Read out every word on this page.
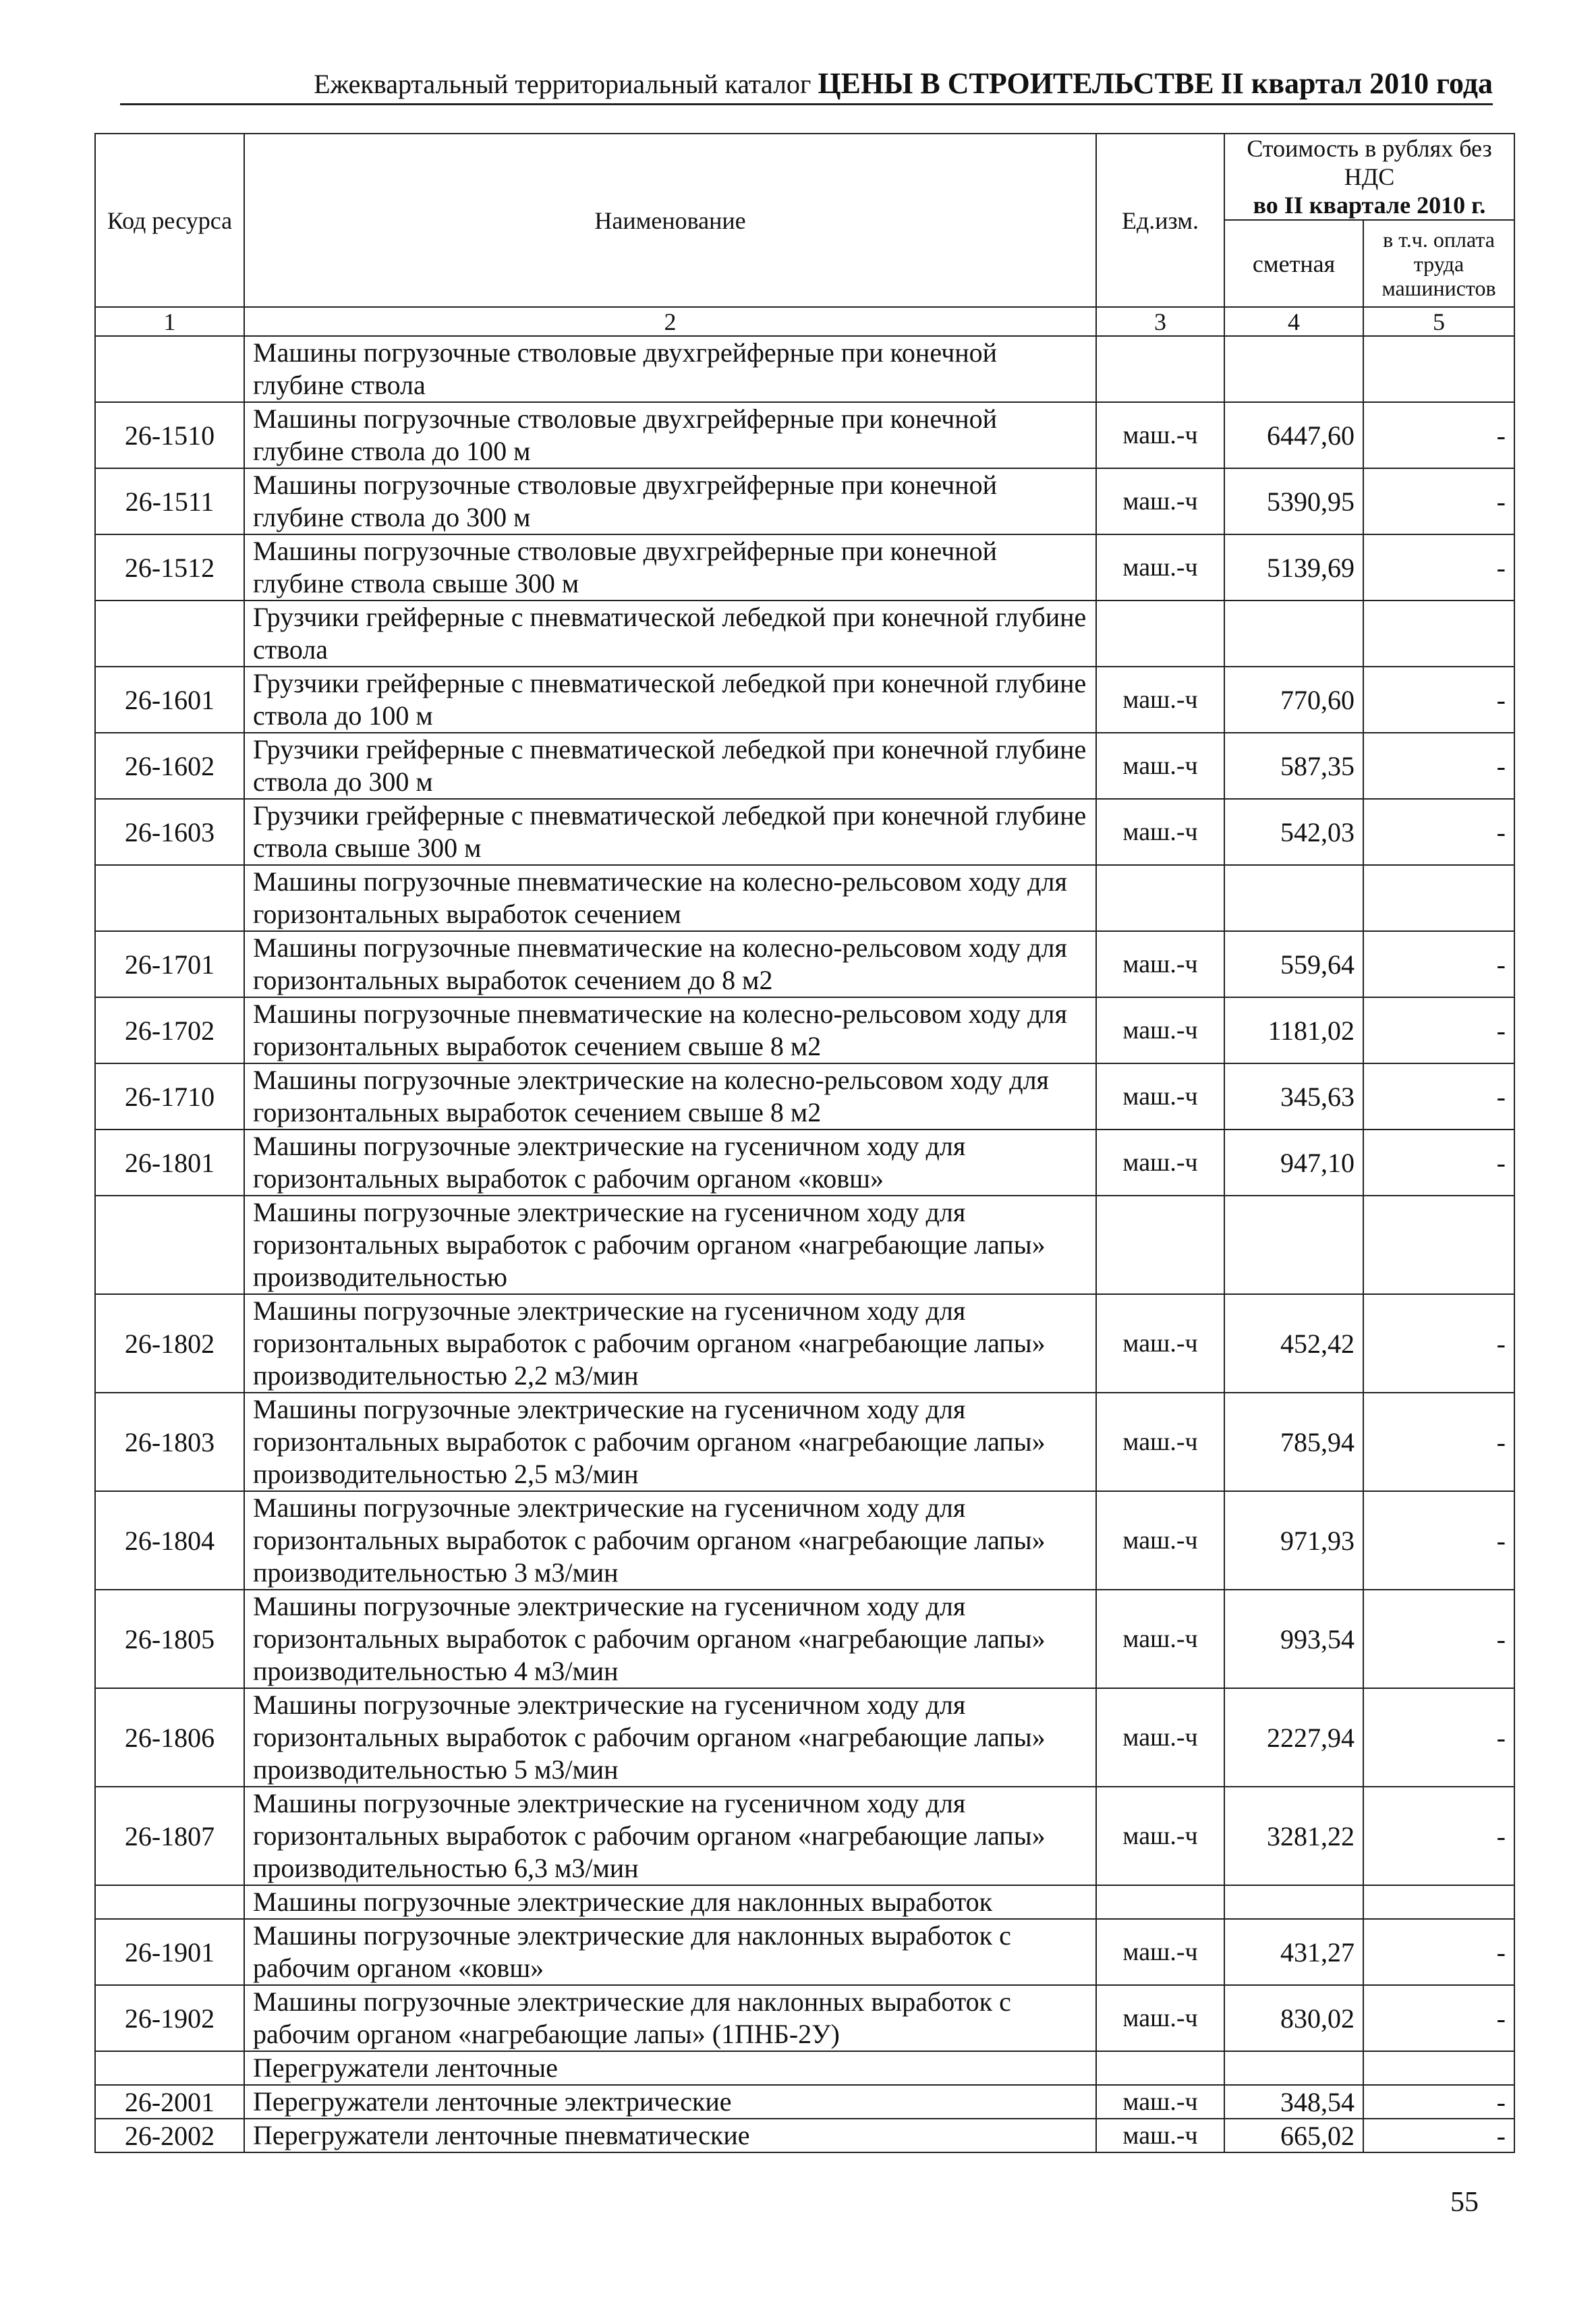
Ежеквартальный территориальный каталог ЦЕНЫ В СТРОИТЕЛЬСТВЕ II квартал 2010 года
Код ресурса	Наименование	Ед.изм.	Стоимость в рублях без НДС
во II квартале 2010 г.	

			сметная	в т.ч. оплата труда машинистов
1	2	3	4	5
	Машины погрузочные стволовые двухгрейферные при конечной глубине ствола			
26-1510	Машины погрузочные стволовые двухгрейферные при конечной глубине ствола до 100 м	маш.-ч	6447,60	-
26-1511	Машины погрузочные стволовые двухгрейферные при конечной глубине ствола до 300 м	маш.-ч	5390,95	-
26-1512	Машины погрузочные стволовые двухгрейферные при конечной глубине ствола свыше 300 м	маш.-ч	5139,69	-
	Грузчики грейферные с пневматической лебедкой при конечной глубине ствола			
26-1601	Грузчики грейферные с пневматической лебедкой при конечной глубине ствола до 100 м	маш.-ч	770,60	-
26-1602	Грузчики грейферные с пневматической лебедкой при конечной глубине ствола до 300 м	маш.-ч	587,35	-
26-1603	Грузчики грейферные с пневматической лебедкой при конечной глубине ствола свыше 300 м	маш.-ч	542,03	-
	Машины погрузочные пневматические на колесно-рельсовом ходу для горизонтальных выработок сечением			
26-1701	Машины погрузочные пневматические на колесно-рельсовом ходу для горизонтальных выработок сечением до 8 м2	маш.-ч	559,64	-
26-1702	Машины погрузочные пневматические на колесно-рельсовом ходу для горизонтальных выработок сечением свыше 8 м2	маш.-ч	1181,02	-
26-1710	Машины погрузочные электрические на колесно-рельсовом ходу для горизонтальных выработок сечением свыше 8 м2	маш.-ч	345,63	-
26-1801	Машины погрузочные электрические на гусеничном ходу для горизонтальных выработок с рабочим органом «ковш»	маш.-ч	947,10	-
	Машины погрузочные электрические на гусеничном ходу для горизонтальных выработок с рабочим органом «нагребающие лапы» производительностью			
26-1802	Машины погрузочные электрические на гусеничном ходу для горизонтальных выработок с рабочим органом «нагребающие лапы» производительностью 2,2 м3/мин	маш.-ч	452,42	-
26-1803	Машины погрузочные электрические на гусеничном ходу для горизонтальных выработок с рабочим органом «нагребающие лапы» производительностью 2,5 м3/мин	маш.-ч	785,94	-
26-1804	Машины погрузочные электрические на гусеничном ходу для горизонтальных выработок с рабочим органом «нагребающие лапы» производительностью 3 м3/мин	маш.-ч	971,93	-
26-1805	Машины погрузочные электрические на гусеничном ходу для горизонтальных выработок с рабочим органом «нагребающие лапы» производительностью 4 м3/мин	маш.-ч	993,54	-
26-1806	Машины погрузочные электрические на гусеничном ходу для горизонтальных выработок с рабочим органом «нагребающие лапы» производительностью 5 м3/мин	маш.-ч	2227,94	-
26-1807	Машины погрузочные электрические на гусеничном ходу для горизонтальных выработок с рабочим органом «нагребающие лапы» производительностью 6,3 м3/мин	маш.-ч	3281,22	-
	Машины погрузочные электрические для наклонных выработок			
26-1901	Машины погрузочные электрические для наклонных выработок с рабочим органом «ковш»	маш.-ч	431,27	-
26-1902	Машины погрузочные электрические для наклонных выработок с рабочим органом «нагребающие лапы» (1ПНБ-2У)	маш.-ч	830,02	-
	Перегружатели ленточные			
26-2001	Перегружатели ленточные электрические	маш.-ч	348,54	-
26-2002	Перегружатели ленточные пневматические	маш.-ч	665,02	-
55
